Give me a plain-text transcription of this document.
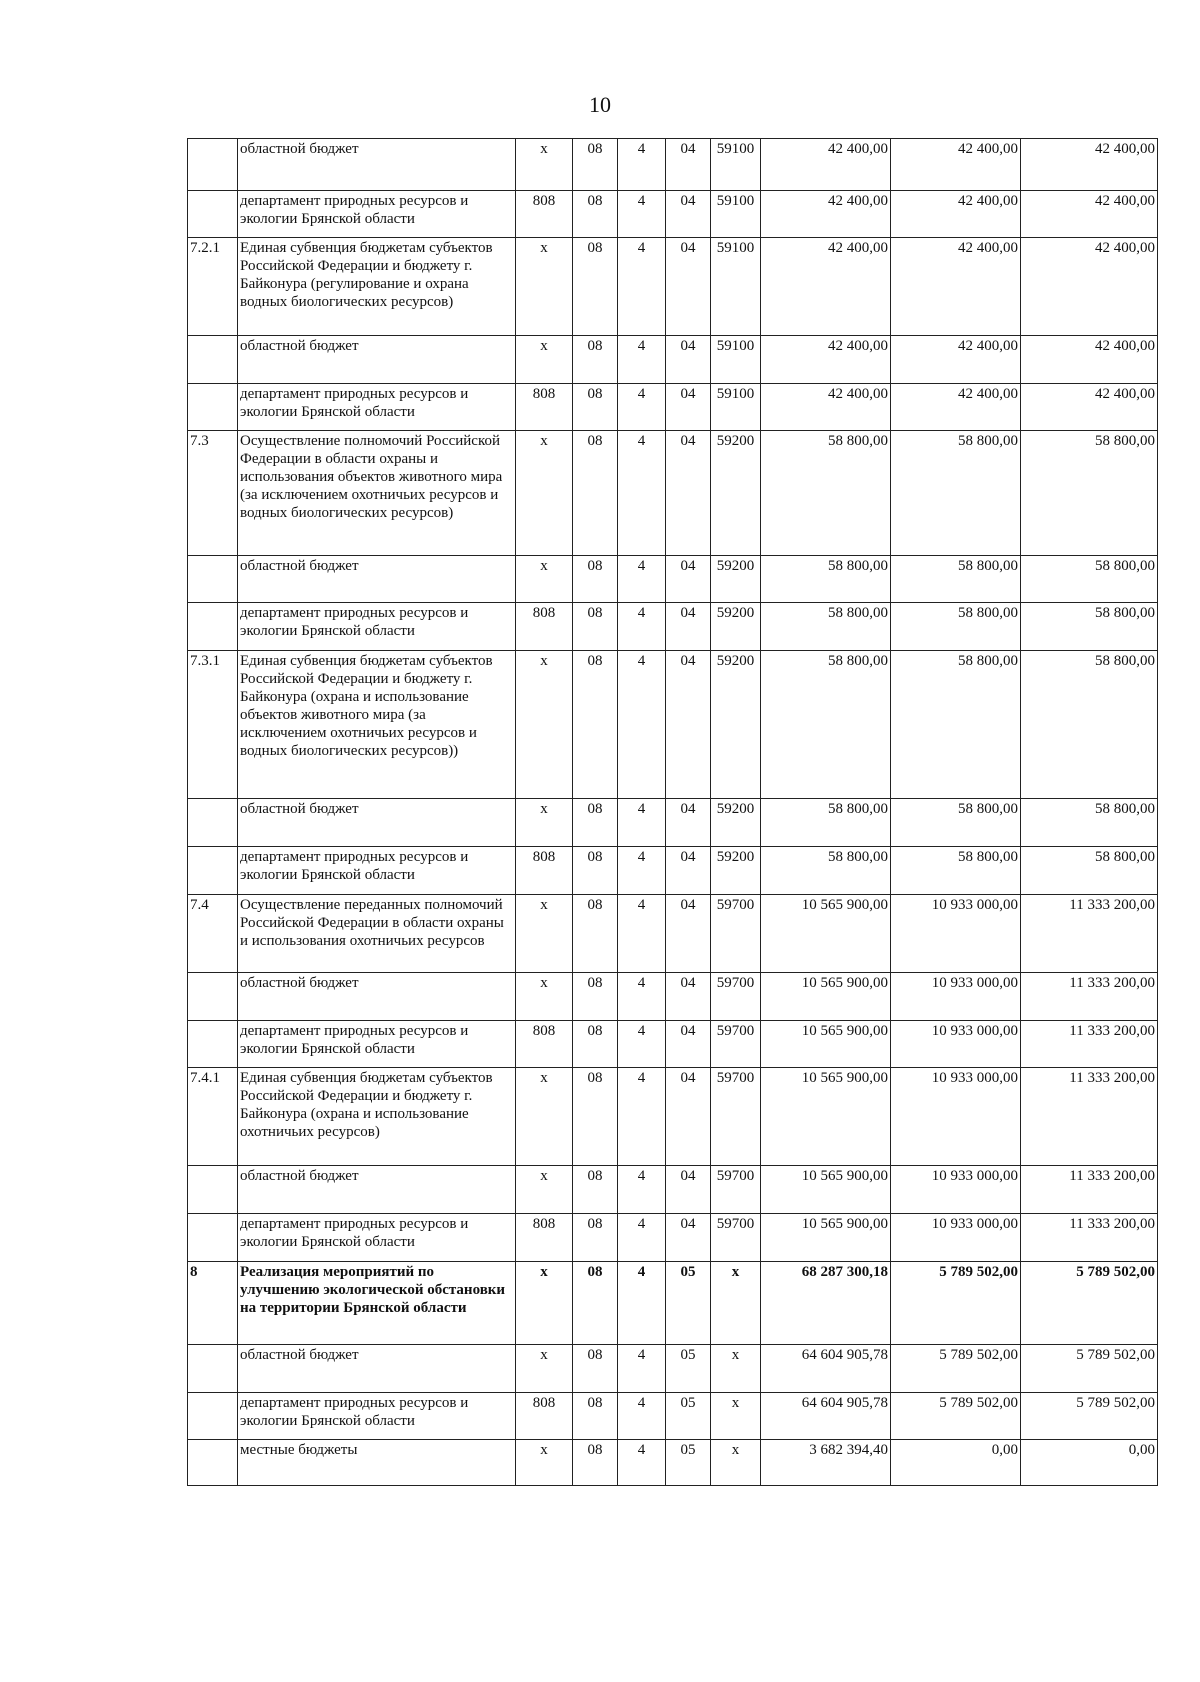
10
	областной бюджет	х	08	4	04	59100	42 400,00	42 400,00	42 400,00
	департамент природных ресурсов и экологии Брянской области	808	08	4	04	59100	42 400,00	42 400,00	42 400,00
7.2.1	Единая субвенция бюджетам субъектов Российской Федерации и бюджету г. Байконура (регулирование и охрана водных биологических ресурсов)	х	08	4	04	59100	42 400,00	42 400,00	42 400,00
	областной бюджет	х	08	4	04	59100	42 400,00	42 400,00	42 400,00
	департамент природных ресурсов и экологии Брянской области	808	08	4	04	59100	42 400,00	42 400,00	42 400,00
7.3	Осуществление полномочий Российской Федерации в области охраны и использования объектов животного мира (за исключением охотничьих ресурсов и водных биологических ресурсов)	х	08	4	04	59200	58 800,00	58 800,00	58 800,00
	областной бюджет	х	08	4	04	59200	58 800,00	58 800,00	58 800,00
	департамент природных ресурсов и экологии Брянской области	808	08	4	04	59200	58 800,00	58 800,00	58 800,00
7.3.1	Единая субвенция бюджетам субъектов Российской Федерации и бюджету г. Байконура (охрана и использование объектов животного мира (за исключением охотничьих ресурсов и водных биологических ресурсов))	х	08	4	04	59200	58 800,00	58 800,00	58 800,00
	областной бюджет	х	08	4	04	59200	58 800,00	58 800,00	58 800,00
	департамент природных ресурсов и экологии Брянской области	808	08	4	04	59200	58 800,00	58 800,00	58 800,00
7.4	Осуществление переданных полномочий Российской Федерации в области охраны и использования охотничьих ресурсов	х	08	4	04	59700	10 565 900,00	10 933 000,00	11 333 200,00
	областной бюджет	х	08	4	04	59700	10 565 900,00	10 933 000,00	11 333 200,00
	департамент природных ресурсов и экологии Брянской области	808	08	4	04	59700	10 565 900,00	10 933 000,00	11 333 200,00
7.4.1	Единая субвенция бюджетам субъектов Российской Федерации и бюджету г. Байконура (охрана и использование охотничьих ресурсов)	х	08	4	04	59700	10 565 900,00	10 933 000,00	11 333 200,00
	областной бюджет	х	08	4	04	59700	10 565 900,00	10 933 000,00	11 333 200,00
	департамент природных ресурсов и экологии Брянской области	808	08	4	04	59700	10 565 900,00	10 933 000,00	11 333 200,00
8	Реализация мероприятий по улучшению экологической обстановки на территории Брянской области	х	08	4	05	х	68 287 300,18	5 789 502,00	5 789 502,00
	областной бюджет	х	08	4	05	х	64 604 905,78	5 789 502,00	5 789 502,00
	департамент природных ресурсов и экологии Брянской области	808	08	4	05	х	64 604 905,78	5 789 502,00	5 789 502,00
	местные бюджеты	х	08	4	05	х	3 682 394,40	0,00	0,00
